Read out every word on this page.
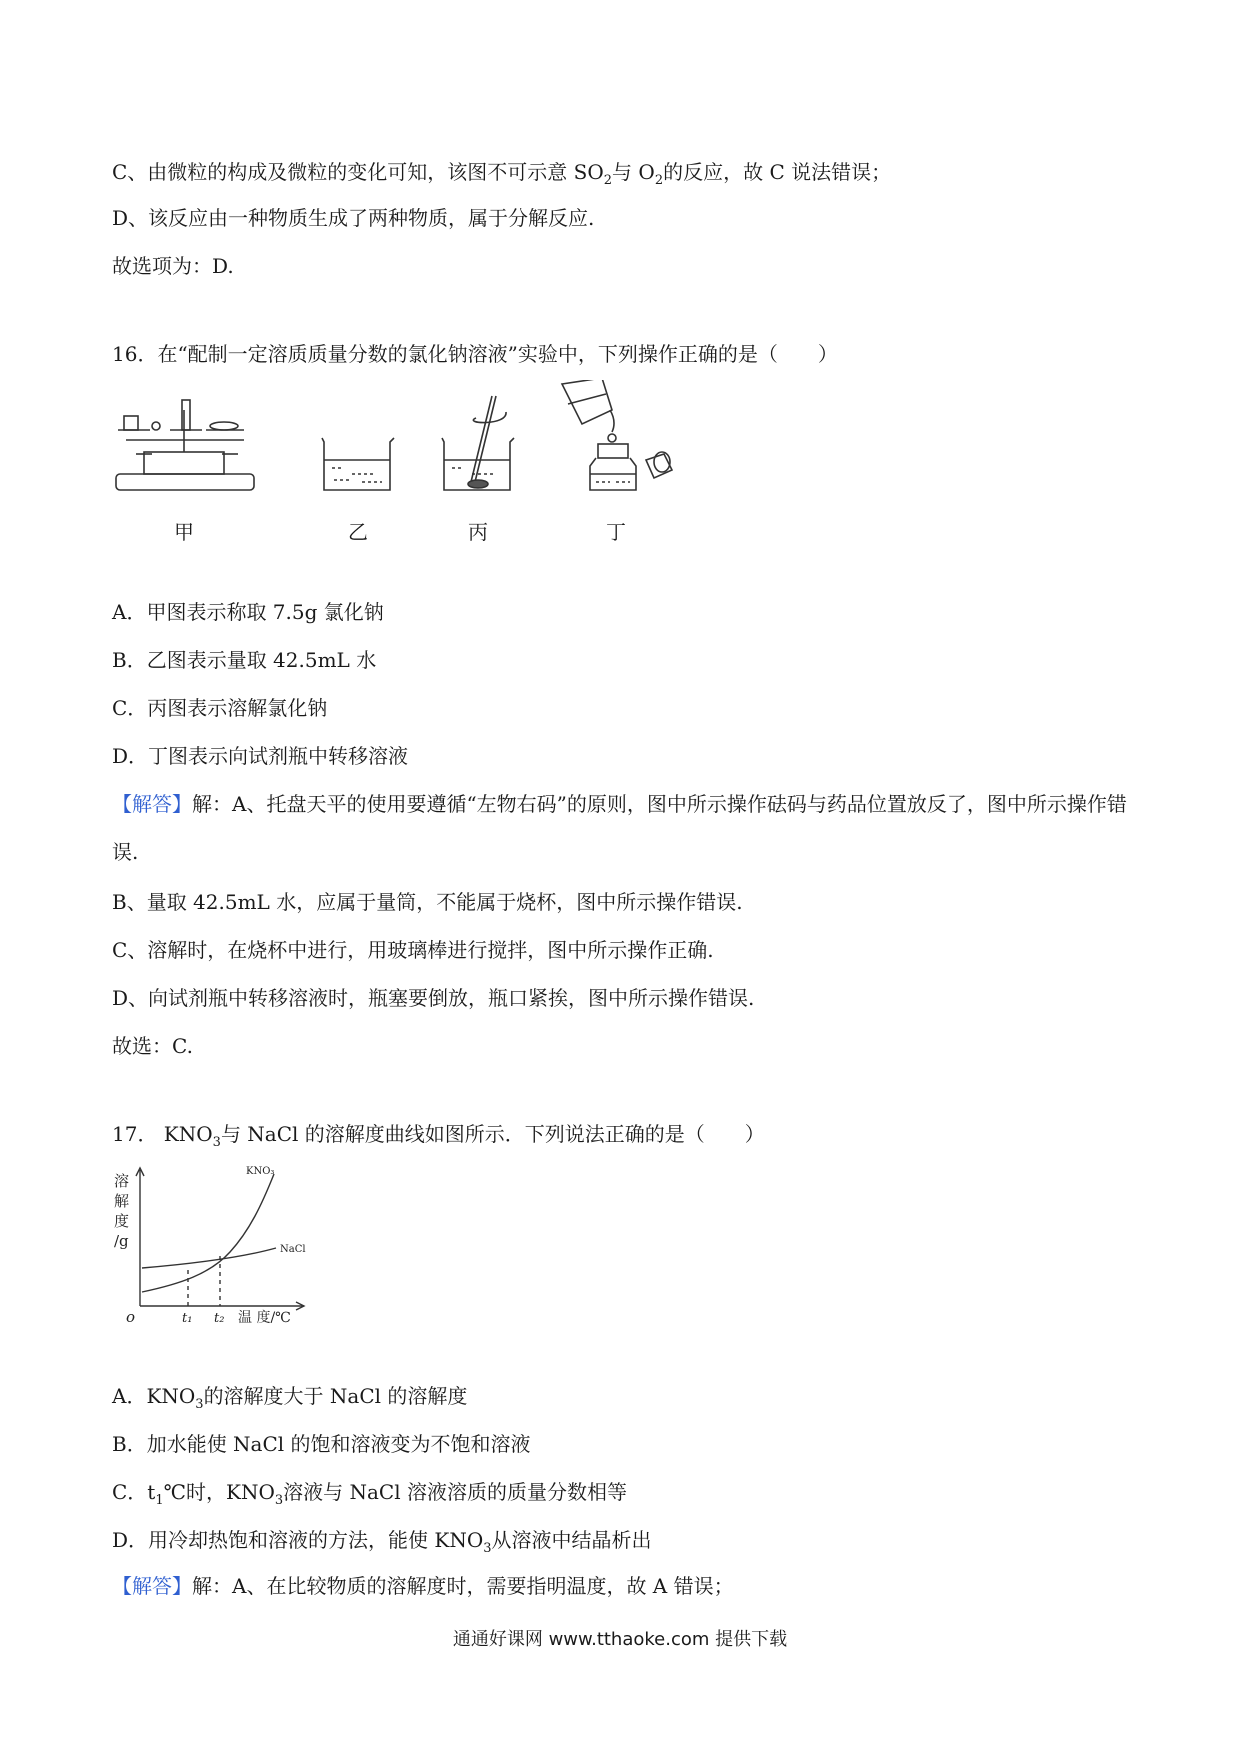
C、由微粒的构成及微粒的变化可知，该图不可示意 $SO_2$与 $O_2$的反应，故 C 说法错误；
D、该反应由一种物质生成了两种物质，属于分解反应.
故选项为：D.
16．在“配制一定溶质质量分数的氯化钠溶液”实验中，下列操作正确的是（　　）
甲	乙	丙	丁
A．甲图表示称取 7.5g 氯化钠
B．乙图表示量取 42.5mL 水
C．丙图表示溶解氯化钠
D．丁图表示向试剂瓶中转移溶液
【解答】解：A、托盘天平的使用要遵循“左物右码”的原则，图中所示操作砝码与药品位置放反了，图中所示操作错误.
B、量取 42.5mL 水，应属于量筒，不能属于烧杯，图中所示操作错误.
C、溶解时，在烧杯中进行，用玻璃棒进行搅拌，图中所示操作正确.
D、向试剂瓶中转移溶液时，瓶塞要倒放，瓶口紧挨，图中所示操作错误.
故选：C.
17． $KNO_3$与 NaCl 的溶解度曲线如图所示．下列说法正确的是（　　）
溶
解
度
/g
o	t₁ t₂ 温 度/℃
KNO₃
NaCl
A．$KNO_3$的溶解度大于 NaCl 的溶解度
B．加水能使 NaCl 的饱和溶液变为不饱和溶液
C．$t_1℃$时，$KNO_3$溶液与 NaCl 溶液溶质的质量分数相等
D．用冷却热饱和溶液的方法，能使 $KNO_3$从溶液中结晶析出
【解答】解：A、在比较物质的溶解度时，需要指明温度，故 A 错误；
通通好课网 www.tthaoke.com 提供下载
